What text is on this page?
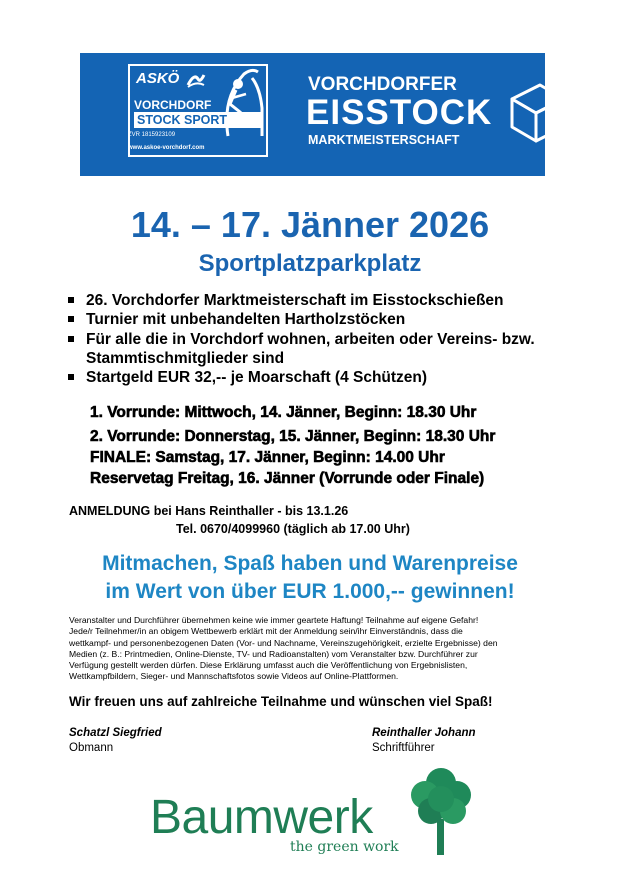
ASKÖ
VORCHDORF
STOCK SPORT
ZVR 1815923109
www.askoe-vorchdorf.com
VORCHDORFER
EISSTOCK
MARKTMEISTERSCHAFT
14. – 17. Jänner 2026
Sportplatzparkplatz
26. Vorchdorfer Marktmeisterschaft im Eisstockschießen
Turnier mit unbehandelten Hartholzstöcken
Für alle die in Vorchdorf wohnen, arbeiten oder Vereins- bzw. Stammtischmitglieder sind
Startgeld EUR 32,-- je Moarschaft (4 Schützen)
1. Vorrunde: Mittwoch, 14. Jänner, Beginn: 18.30 Uhr
2. Vorrunde: Donnerstag, 15. Jänner, Beginn: 18.30 Uhr
FINALE: Samstag, 17. Jänner, Beginn: 14.00 Uhr
Reservetag Freitag, 16. Jänner (Vorrunde oder Finale)
ANMELDUNG bei Hans Reinthaller - bis 13.1.26
Tel. 0670/4099960 (täglich ab 17.00 Uhr)
Mitmachen, Spaß haben und Warenpreise
im Wert von über EUR 1.000,-- gewinnen!
Veranstalter und Durchführer übernehmen keine wie immer geartete Haftung! Teilnahme auf eigene Gefahr!
Jede/r Teilnehmer/in an obigem Wettbewerb erklärt mit der Anmeldung sein/ihr Einverständnis, dass die
wettkampf- und personenbezogenen Daten (Vor- und Nachname, Vereinszugehörigkeit, erzielte Ergebnisse) den
Medien (z. B.: Printmedien, Online-Dienste, TV- und Radioanstalten) vom Veranstalter bzw. Durchführer zur
Verfügung gestellt werden dürfen. Diese Erklärung umfasst auch die Veröffentlichung von Ergebnislisten,
Wettkampfbildern, Sieger- und Mannschaftsfotos sowie Videos auf Online-Plattformen.
Wir freuen uns auf zahlreiche Teilnahme und wünschen viel Spaß!
Schatzl Siegfried
Obmann
Reinthaller Johann
Schriftführer
Baumwerk
the green work
